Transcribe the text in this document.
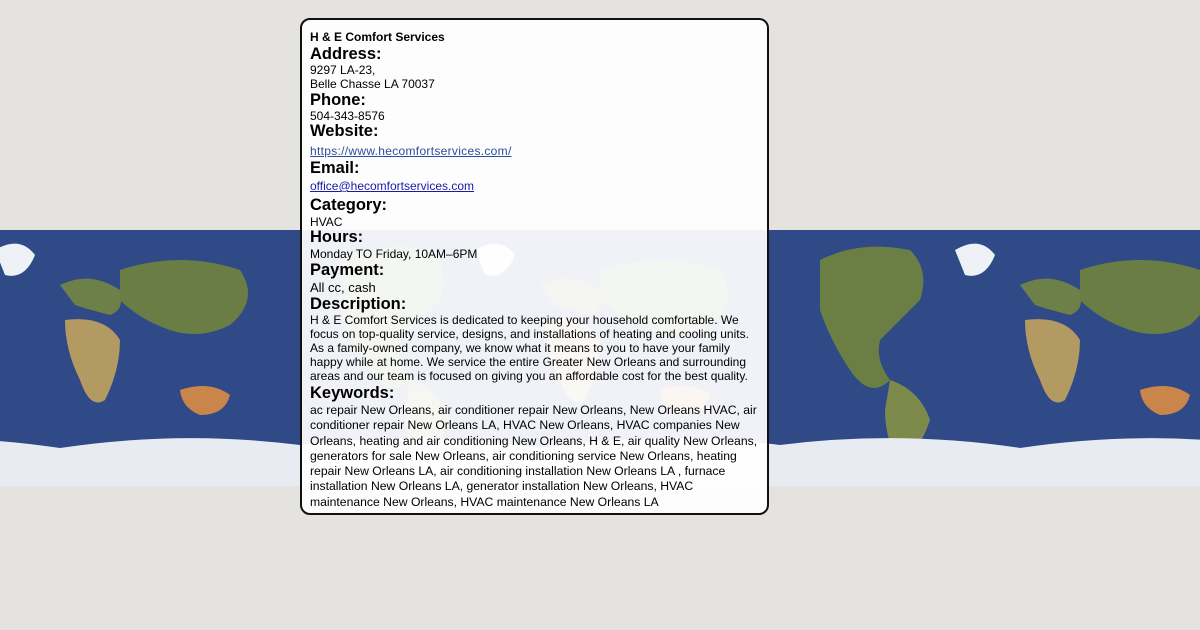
H & E Comfort Services
Address:
9297 LA-23,
Belle Chasse LA 70037
Phone:
504-343-8576
Website:
https://www.hecomfortservices.com/
Email:
office@hecomfortservices.com
Category:
HVAC
Hours:
Monday TO Friday, 10AM–6PM
Payment:
All cc, cash
Description:
H & E Comfort Services is dedicated to keeping your household comfortable. We focus on top-quality service, designs, and installations of heating and cooling units. As a family-owned company, we know what it means to you to have your family happy while at home. We service the entire Greater New Orleans and surrounding areas and our team is focused on giving you an affordable cost for the best quality.
Keywords:
ac repair New Orleans, air conditioner repair New Orleans, New Orleans HVAC, air conditioner repair New Orleans LA, HVAC New Orleans, HVAC companies New Orleans, heating and air conditioning New Orleans, H & E, air quality New Orleans, generators for sale New Orleans, air conditioning service New Orleans, heating repair New Orleans LA, air conditioning installation New Orleans LA , furnace installation New Orleans LA, generator installation New Orleans, HVAC maintenance New Orleans, HVAC maintenance New Orleans LA
